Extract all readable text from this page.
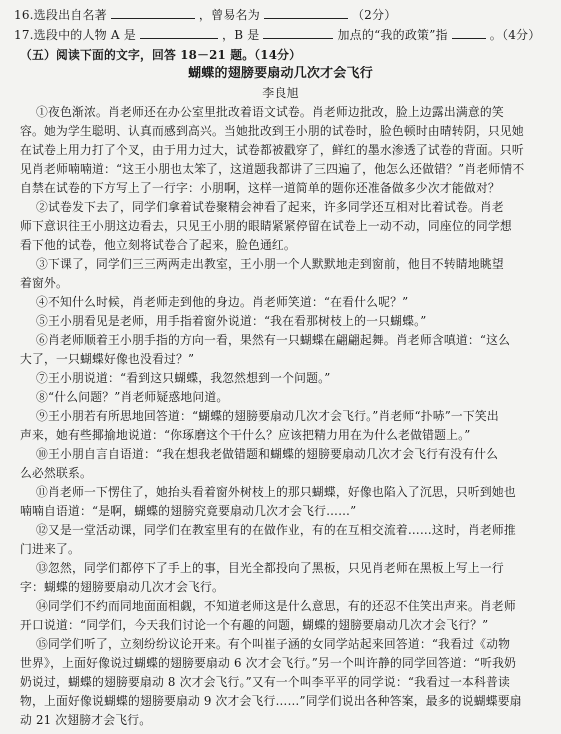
16.选段出自名著	，曾易名为	（2分）
17.选段中的人物 A 是	，B 是	加点的“我的政策”指	。（4分）
（五）阅读下面的文字，回答 18－21 题。（14分）
蝴蝶的翅膀要扇动几次才会飞行
李良旭
①夜色渐浓。肖老师还在办公室里批改着语文试卷。肖老师边批改，脸上边露出满意的笑
容。她为学生聪明、认真而感到高兴。当她批改到王小朋的试卷时，脸色顿时由晴转阴，只见她
在试卷上用力打了个叉，由于用力过大，试卷都被戳穿了，鲜红的墨水渗透了试卷的背面。只听
见肖老师喃喃道：“这王小朋也太笨了，这道题我都讲了三四遍了，他怎么还做错？”肖老师情不
自禁在试卷的下方写上了一行字：小朋啊，这样一道简单的题你还准备做多少次才能做对？
②试卷发下去了，同学们拿着试卷聚精会神看了起来，许多同学还互相对比着试卷。肖老
师下意识往王小朋这边看去，只见王小朋的眼睛紧紧停留在试卷上一动不动，同座位的同学想
看下他的试卷，他立刻将试卷合了起来，脸色通红。
③下课了，同学们三三两两走出教室，王小朋一个人默默地走到窗前，他目不转睛地眺望
着窗外。
④不知什么时候，肖老师走到他的身边。肖老师笑道：“在看什么呢？”
⑤王小朋看见是老师，用手指着窗外说道：“我在看那树枝上的一只蝴蝶。”
⑥肖老师顺着王小朋手指的方向一看，果然有一只蝴蝶在翩翩起舞。肖老师含嗔道：“这么
大了，一只蝴蝶好像也没看过？”
⑦王小朋说道：“看到这只蝴蝶，我忽然想到一个问题。”
⑧“什么问题？”肖老师疑惑地问道。
⑨王小朋若有所思地回答道：“蝴蝶的翅膀要扇动几次才会飞行。”肖老师“扑哧”一下笑出
声来，她有些揶揄地说道：“你琢磨这个干什么？应该把精力用在为什么老做错题上。”
⑩王小朋自言自语道：“我在想我老做错题和蝴蝶的翅膀要扇动几次才会飞行有没有什么
么必然联系。
⑪肖老师一下愣住了，她抬头看着窗外树枝上的那只蝴蝶，好像也陷入了沉思，只听到她也
喃喃自语道：“是啊，蝴蝶的翅膀究竟要扇动几次才会飞行……”
⑫又是一堂活动课，同学们在教室里有的在做作业，有的在互相交流着……这时，肖老师推
门进来了。
⑬忽然，同学们都停下了手上的事，目光全都投向了黑板，只见肖老师在黑板上写上一行
字：蝴蝶的翅膀要扇动几次才会飞行。
⑭同学们不约而同地面面相觑，不知道老师这是什么意思，有的还忍不住笑出声来。肖老师
开口说道：“同学们，今天我们讨论一个有趣的问题，蝴蝶的翅膀要扇动几次才会飞行？”
⑮同学们听了，立刻纷纷议论开来。有个叫崔子涵的女同学站起来回答道：“我看过《动物
世界》，上面好像说过蝴蝶的翅膀要扇动 6 次才会飞行。”另一个叫许静的同学回答道：“听我奶
奶说过，蝴蝶的翅膀要扇动 8 次才会飞行。”又有一个叫李平平的同学说：“我看过一本科普读
物，上面好像说蝴蝶的翅膀要扇动 9 次才会飞行……”同学们说出各种答案，最多的说蝴蝶要扇
动 21 次翅膀才会飞行。
